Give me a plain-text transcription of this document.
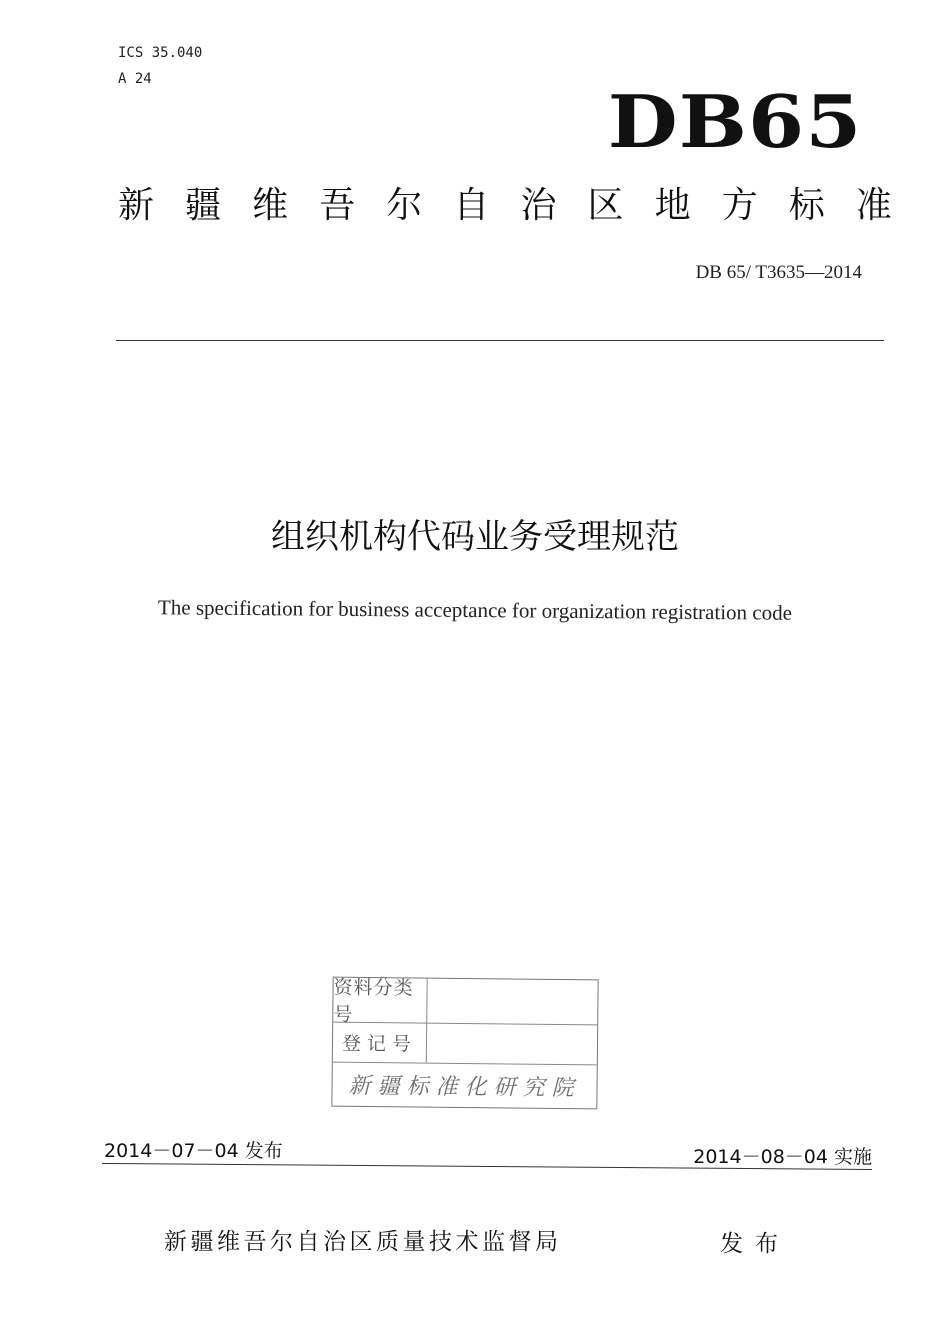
ICS 35.040
A 24	DB65
新 疆 维 吾 尔 自 治 区 地 方 标 准
DB 65/ T3635—2014
组织机构代码业务受理规范
The specification for business acceptance for organization registration code
资料分类号
登记号
新疆标准化研究院
2014－07－04 发布	2014－08－04 实施
新疆维吾尔自治区质量技术监督局	发布
